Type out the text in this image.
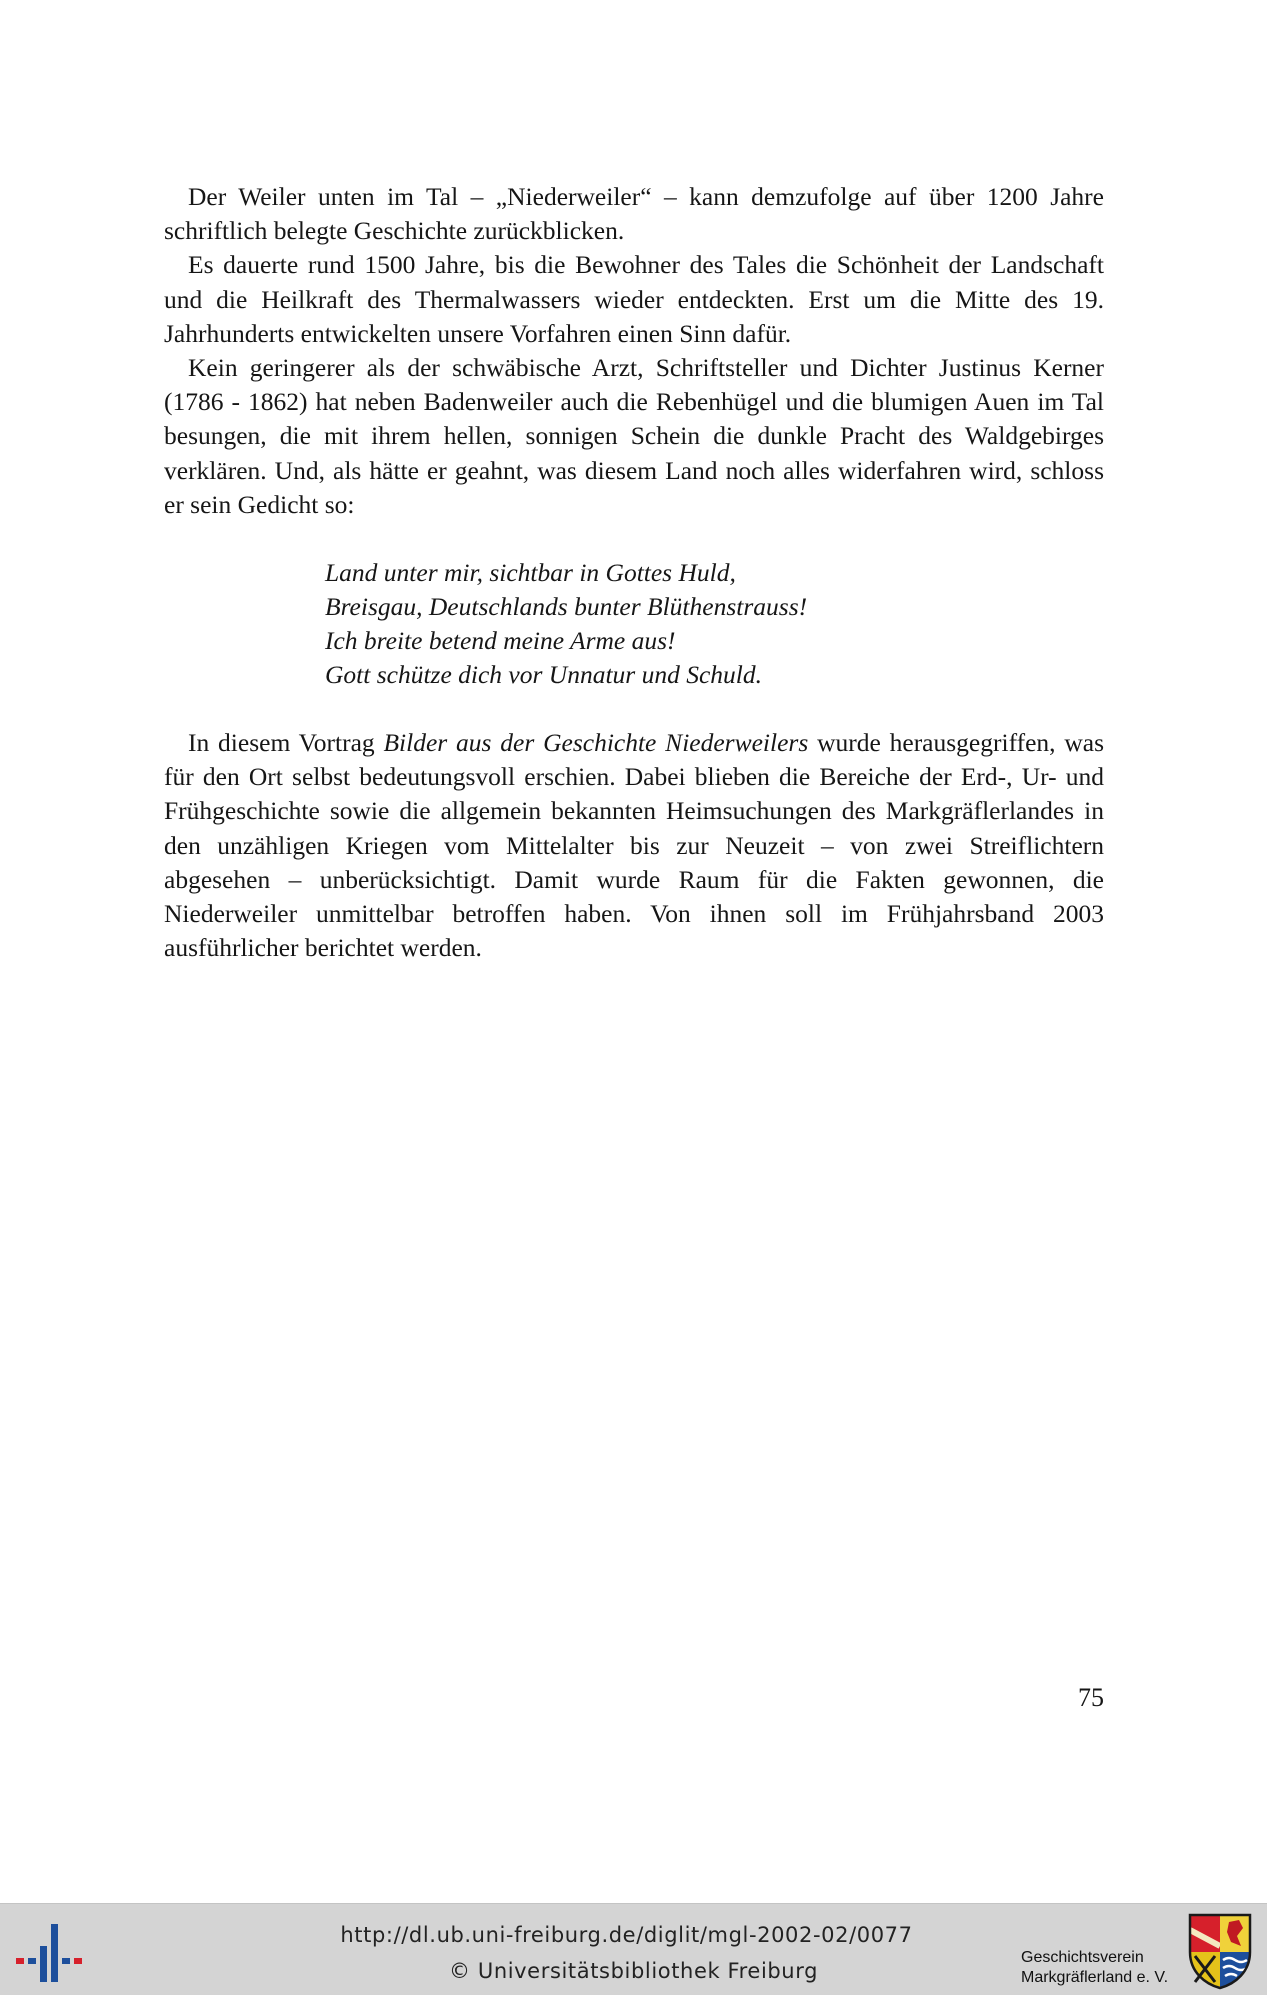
Der Weiler unten im Tal – „Niederweiler“ – kann demzufolge auf über 1200 Jahre schriftlich belegte Geschichte zurückblicken.

Es dauerte rund 1500 Jahre, bis die Bewohner des Tales die Schönheit der Landschaft und die Heilkraft des Thermalwassers wieder entdeckten. Erst um die Mitte des 19. Jahrhunderts entwickelten unsere Vorfahren einen Sinn dafür.

Kein geringerer als der schwäbische Arzt, Schriftsteller und Dichter Justinus Kerner (1786 - 1862) hat neben Badenweiler auch die Rebenhügel und die blumigen Auen im Tal besungen, die mit ihrem hellen, sonnigen Schein die dunkle Pracht des Waldgebirges verklären. Und, als hätte er geahnt, was diesem Land noch alles widerfahren wird, schloss er sein Gedicht so:

Land unter mir, sichtbar in Gottes Huld,
Breisgau, Deutschlands bunter Blüthenstrauss!
Ich breite betend meine Arme aus!
Gott schütze dich vor Unnatur und Schuld.

In diesem Vortrag Bilder aus der Geschichte Niederweilers wurde herausgegriffen, was für den Ort selbst bedeutungsvoll erschien. Dabei blieben die Bereiche der Erd-, Ur- und Frühgeschichte sowie die allgemein bekannten Heimsuchungen des Markgräflerlandes in den unzähligen Kriegen vom Mittelalter bis zur Neuzeit – von zwei Streiflichtern abgesehen – unberücksichtigt. Damit wurde Raum für die Fakten gewonnen, die Niederweiler unmittelbar betroffen haben. Von ihnen soll im Frühjahrsband 2003 ausführlicher berichtet werden.

75
http://dl.ub.uni-freiburg.de/diglit/mgl-2002-02/0077
© Universitätsbibliothek Freiburg
Geschichtsverein
Markgräflerland e. V.
